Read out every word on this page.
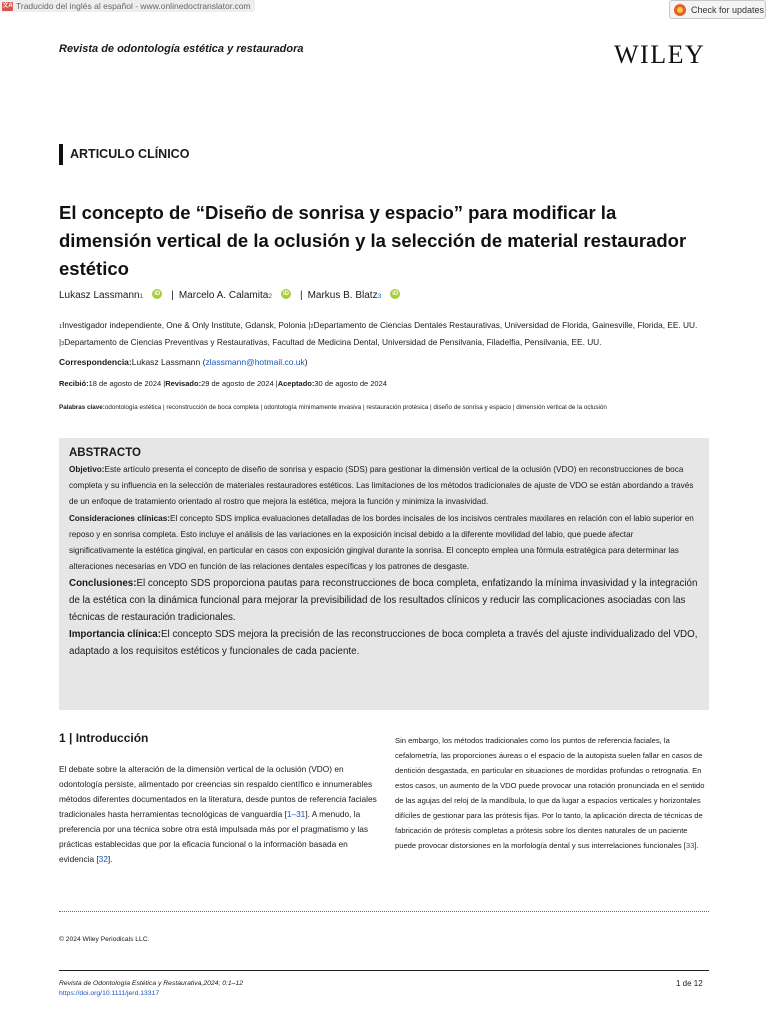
文A Traducido del inglés al español - www.onlinedoctranslator.com	Check for updates
Revista de odontología estética y restauradora	WILEY
ARTICULO CLÍNICO
El concepto de “Diseño de sonrisa y espacio” para modificar la dimensión vertical de la oclusión y la selección de material restaurador estético
Lukasz Lassmann 1	iD | Marcelo A. Calamita 2	iD | Markus B. Blatz 3	iD
1Investigador independiente, One & Only Institute, Gdansk, Polonia |2Departamento de Ciencias Dentales Restaurativas, Universidad de Florida, Gainesville, Florida, EE. UU. |3Departamento de Ciencias Preventivas y Restaurativas, Facultad de Medicina Dental, Universidad de Pensilvania, Filadelfia, Pensilvania, EE. UU.
Correspondencia:Lukasz Lassmann (zlassmann@hotmail.co.uk)
Recibió:18 de agosto de 2024 |Revisado:29 de agosto de 2024 |Aceptado:30 de agosto de 2024
Palabras clave:odontología estética | reconstrucción de boca completa | odontología mínimamente invasiva | restauración protésica | diseño de sonrisa y espacio | dimensión vertical de la oclusión
ABSTRACTO

Objetivo:Este artículo presenta el concepto de diseño de sonrisa y espacio (SDS) para gestionar la dimensión vertical de la oclusión (VDO) en reconstrucciones de boca completa y su influencia en la selección de materiales restauradores estéticos. Las limitaciones de los métodos tradicionales de ajuste de VDO se están abordando a través de un enfoque de tratamiento orientado al rostro que mejora la estética, mejora la función y minimiza la invasividad.

Consideraciones clínicas:El concepto SDS implica evaluaciones detalladas de los bordes incisales de los incisivos centrales maxilares en relación con el labio superior en reposo y en sonrisa completa. Esto incluye el análisis de las variaciones en la exposición incisal debido a la diferente movilidad del labio, que puede afectar significativamente la estética gingival, en particular en casos con exposición gingival durante la sonrisa. El concepto emplea una fórmula estratégica para determinar las alteraciones necesarias en VDO en función de las relaciones dentales específicas y los patrones de desgaste.

Conclusiones:El concepto SDS proporciona pautas para reconstrucciones de boca completa, enfatizando la mínima invasividad y la integración de la estética con la dinámica funcional para mejorar la previsibilidad de los resultados clínicos y reducir las complicaciones asociadas con las técnicas de restauración tradicionales.

Importancia clínica:El concepto SDS mejora la precisión de las reconstrucciones de boca completa a través del ajuste individualizado del VDO, adaptado a los requisitos estéticos y funcionales de cada paciente.

1 | Introducción
El debate sobre la alteración de la dimensión vertical de la oclusión (VDO) en odontología persiste, alimentado por creencias sin respaldo científico e innumerables métodos diferentes documentados en la literatura, desde puntos de referencia faciales tradicionales hasta herramientas tecnológicas de vanguardia [1–31]. A menudo, la preferencia por una técnica sobre otra está impulsada más por el pragmatismo y las prácticas establecidas que por la eficacia funcional o la información basada en evidencia [32].
Sin embargo, los métodos tradicionales como los puntos de referencia faciales, la cefalometría, las proporciones áureas o el espacio de la autopista suelen fallar en casos de dentición desgastada, en particular en situaciones de mordidas profundas o retrognatia. En estos casos, un aumento de la VDO puede provocar una rotación pronunciada en el sentido de las agujas del reloj de la mandíbula, lo que da lugar a espacios verticales y horizontales difíciles de gestionar para las prótesis fijas. Por lo tanto, la aplicación directa de técnicas de fabricación de prótesis completas a prótesis sobre los dientes naturales de un paciente puede provocar distorsiones en la morfología dental y sus interrelaciones funcionales [33].
© 2024 Wiley Periodicals LLC.
Revista de Odontología Estética y Restaurativa,2024; 0:1–12
https://doi.org/10.1111/jerd.13317
1 de 12
